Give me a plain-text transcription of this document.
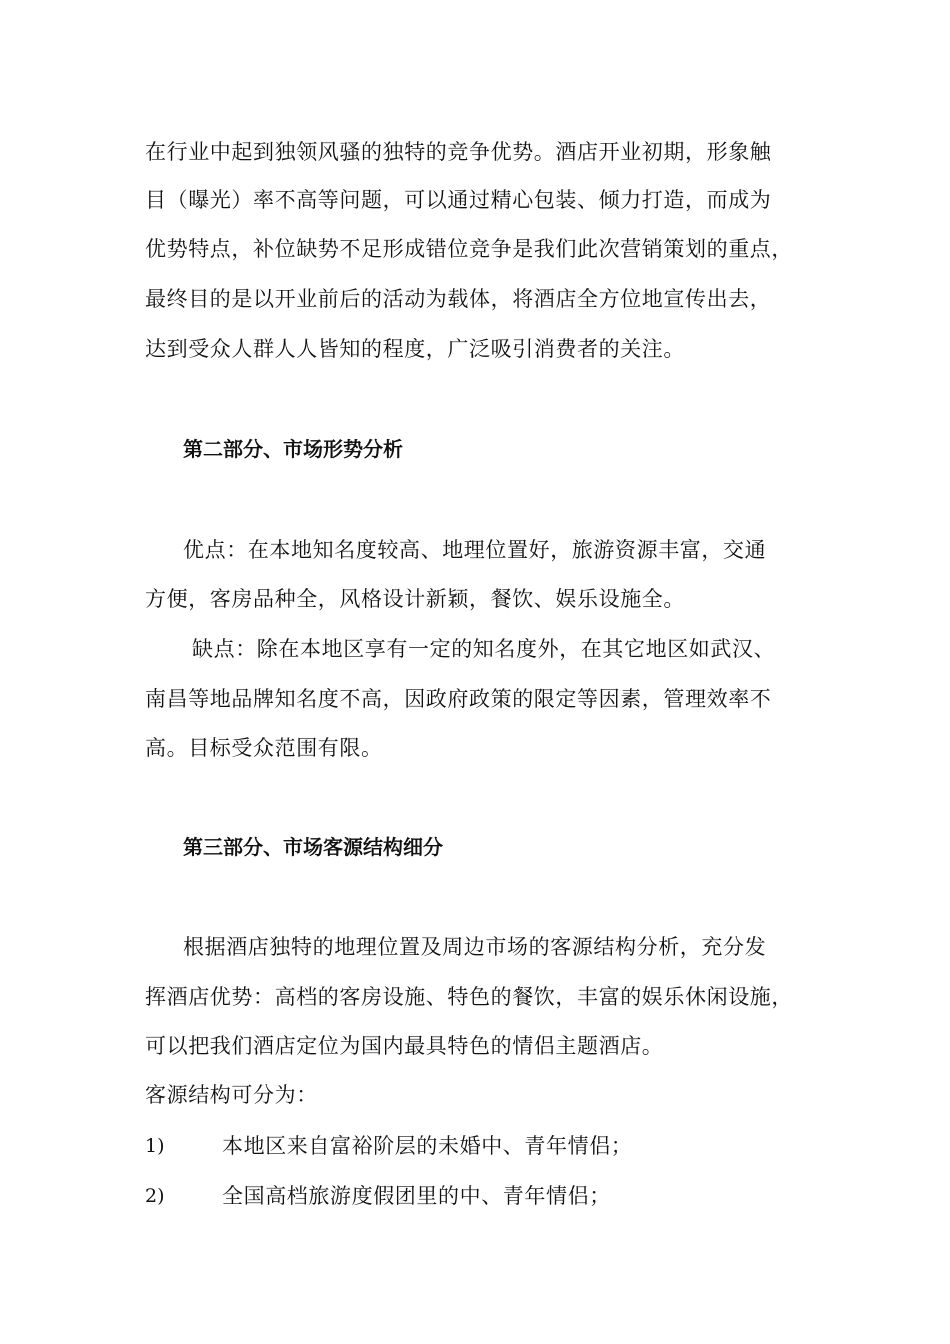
在行业中起到独领风骚的独特的竞争优势。酒店开业初期，形象触
目（曝光）率不高等问题，可以通过精心包装、倾力打造，而成为
优势特点，补位缺势不足形成错位竞争是我们此次营销策划的重点，
最终目的是以开业前后的活动为载体，将酒店全方位地宣传出去，
达到受众人群人人皆知的程度，广泛吸引消费者的关注。
第二部分、市场形势分析
优点：在本地知名度较高、地理位置好，旅游资源丰富，交通
方便，客房品种全，风格设计新颖，餐饮、娱乐设施全。
缺点：除在本地区享有一定的知名度外，在其它地区如武汉、
南昌等地品牌知名度不高，因政府政策的限定等因素，管理效率不
高。目标受众范围有限。
第三部分、市场客源结构细分
根据酒店独特的地理位置及周边市场的客源结构分析，充分发
挥酒店优势：高档的客房设施、特色的餐饮，丰富的娱乐休闲设施，
可以把我们酒店定位为国内最具特色的情侣主题酒店。
客源结构可分为：
1)	本地区来自富裕阶层的未婚中、青年情侣；
2)	全国高档旅游度假团里的中、青年情侣；
